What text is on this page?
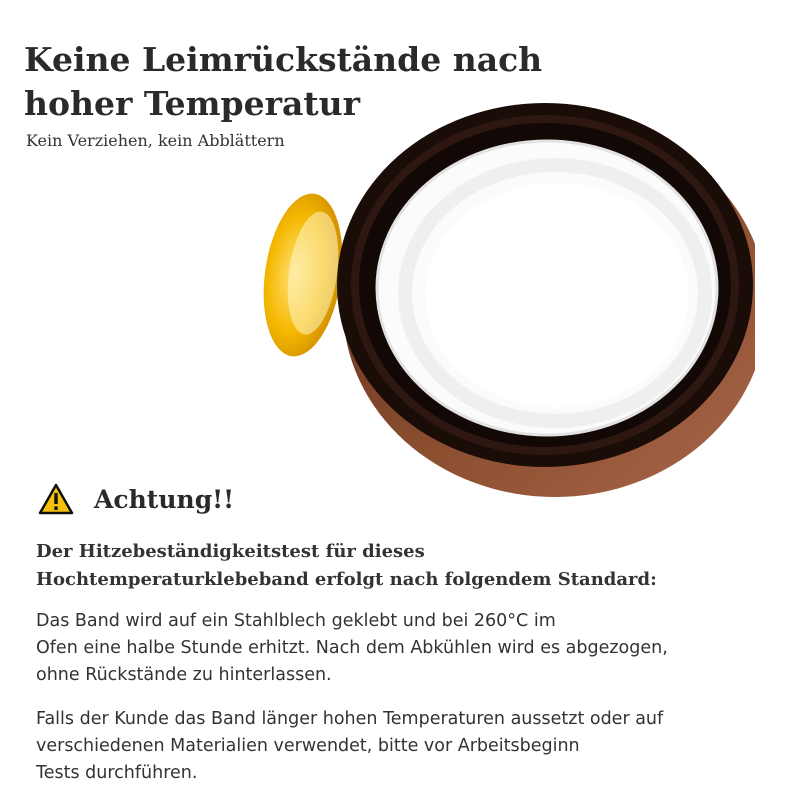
Keine Leimrückstände nach
hoher Temperatur

Kein Verziehen, kein Abblättern

Achtung!!

Der Hitzebeständigkeitstest für dieses
Hochtemperaturklebeband erfolgt nach folgendem Standard:

Das Band wird auf ein Stahlblech geklebt und bei 260°C im
Ofen eine halbe Stunde erhitzt. Nach dem Abkühlen wird es abgezogen,
ohne Rückstände zu hinterlassen.

Falls der Kunde das Band länger hohen Temperaturen aussetzt oder auf
verschiedenen Materialien verwendet, bitte vor Arbeitsbeginn
Tests durchführen.
